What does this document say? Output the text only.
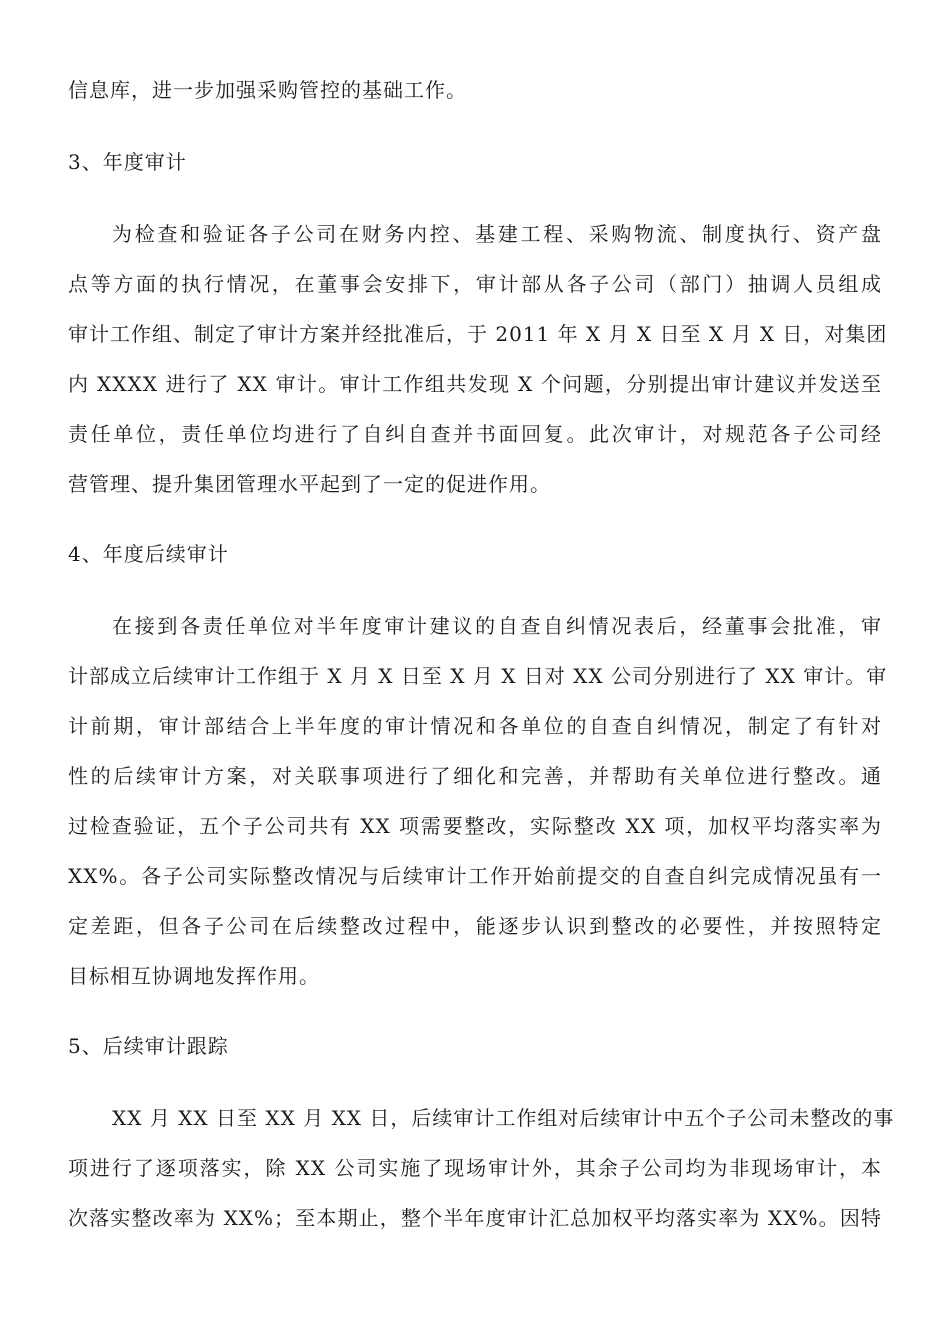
信息库，进一步加强采购管控的基础工作。
3、年度审计
为检查和验证各子公司在财务内控、基建工程、采购物流、制度执行、资产盘
点等方面的执行情况，在董事会安排下，审计部从各子公司（部门）抽调人员组成
审计工作组、制定了审计方案并经批准后，于 2011 年 X 月 X 日至 X 月 X 日，对集团
内 XXXX 进行了 XX 审计。审计工作组共发现 X 个问题，分别提出审计建议并发送至
责任单位，责任单位均进行了自纠自查并书面回复。此次审计，对规范各子公司经
营管理、提升集团管理水平起到了一定的促进作用。
4、年度后续审计
在接到各责任单位对半年度审计建议的自查自纠情况表后，经董事会批准，审
计部成立后续审计工作组于 X 月 X 日至 X 月 X 日对 XX 公司分别进行了 XX 审计。审
计前期，审计部结合上半年度的审计情况和各单位的自查自纠情况，制定了有针对
性的后续审计方案，对关联事项进行了细化和完善，并帮助有关单位进行整改。通
过检查验证，五个子公司共有 XX 项需要整改，实际整改 XX 项，加权平均落实率为
XX%。各子公司实际整改情况与后续审计工作开始前提交的自查自纠完成情况虽有一
定差距，但各子公司在后续整改过程中，能逐步认识到整改的必要性，并按照特定
目标相互协调地发挥作用。
5、后续审计跟踪
XX 月 XX 日至 XX 月 XX 日，后续审计工作组对后续审计中五个子公司未整改的事
项进行了逐项落实，除 XX 公司实施了现场审计外，其余子公司均为非现场审计，本
次落实整改率为 XX%；至本期止，整个半年度审计汇总加权平均落实率为 XX%。因特
